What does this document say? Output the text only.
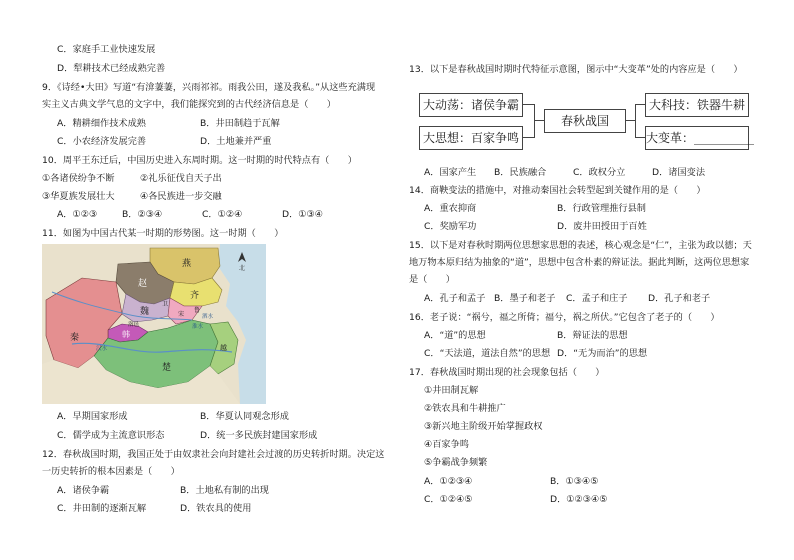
C．家庭手工业快速发展
D．犁耕技术已经成熟完善
9．《诗经•大田》写道“有渰萋萋，兴雨祁祁。雨我公田，遂及我私。”从这些充满现
实主义古典文学气息的文字中，我们能探究到的古代经济信息是（　　）
A．精耕细作技术成熟	B．井田制趋于瓦解
C．小农经济发展完善	D．土地兼并严重
10．周平王东迁后，中国历史进入东周时期。这一时期的时代特点有（　　）
①各诸侯纷争不断	②礼乐征伐自天子出
③华夏族发展壮大	④各民族进一步交融
A．①②③	B．②③④	C．①②④	D．①③④
11．如图为中国古代某一时期的形势图。这一时期（　　）
燕
赵
齐
魏
韩
宋
卫
鲁
楚
秦
越
淮水
汉水
泗水
洛邑
北
A．早期国家形成	B．华夏认同观念形成
C．儒学成为主流意识形态	D．统一多民族封建国家形成
12．春秋战国时期，我国正处于由奴隶社会向封建社会过渡的历史转折时期。决定这
一历史转折的根本因素是（　　）
A．诸侯争霸	B．土地私有制的出现
C．井田制的逐渐瓦解	D．铁农具的使用
13．以下是春秋战国时期时代特征示意图，图示中“大变革”处的内容应是（　　）
大动荡：诸侯争霸
大思想：百家争鸣
春秋战国
大科技：铁器牛耕
大变革：__________
A．国家产生 B．民族融合	C．政权分立	D．诸国变法
14．商鞅变法的措施中，对推动秦国社会转型起到关键作用的是（　　）
A．重农抑商	B．行政管理推行县制
C．奖励军功	D．废井田授田于百姓
15．以下是对春秋时期两位思想家思想的表述，核心观念是“仁”，主张为政以德；天
地万物本原归结为抽象的“道”，思想中包含朴素的辩证法。据此判断，这两位思想家
是（　　）
A．孔子和孟子 B．墨子和老子 C．孟子和庄子 D．孔子和老子
16．老子说：“祸兮，福之所倚；福兮，祸之所伏。”它包含了老子的（　　）
A．“道”的思想	B．辩证法的思想
C．“天法道，道法自然”的思想 D．“无为而治”的思想
17．春秋战国时期出现的社会现象包括（　　）
①井田制瓦解
②铁农具和牛耕推广
③新兴地主阶级开始掌握政权
④百家争鸣
⑤争霸战争频繁
A．①②③④	B．①③④⑤
C．①②④⑤	D．①②③④⑤
